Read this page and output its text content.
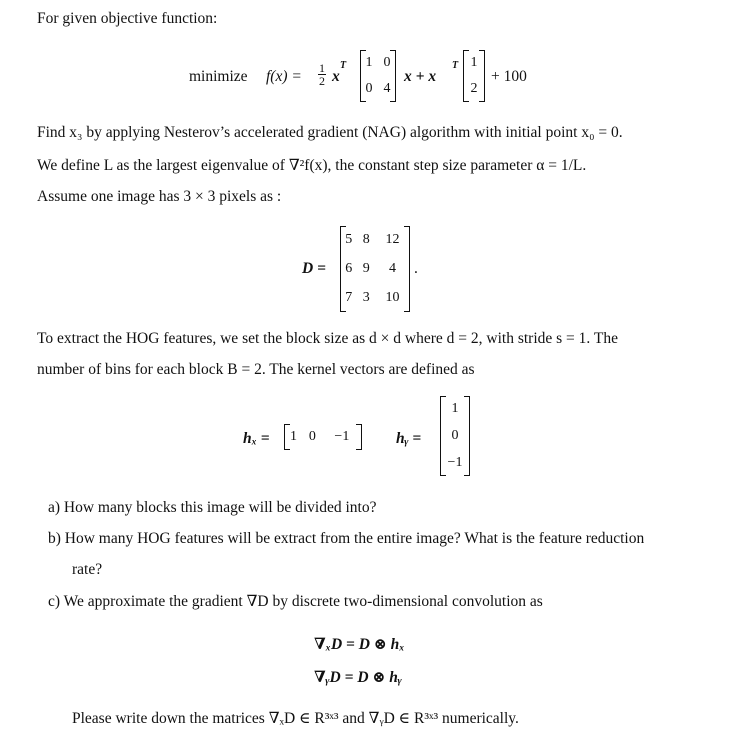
For given objective function:
minimize $f(x) = \frac{1}{2}$ x
T 1	0
0	4
x + x
T 1
2
+ 100
Find x₃ by applying Nesterov’s accelerated gradient (NAG) algorithm with initial point x₀ = 0.
We define L as the largest eigenvalue of ∇²f(x), the constant step size parameter α = 1/L.
Assume one image has 3 × 3 pixels as :
D =
5	8	12
6	9	4
7	3	10
.
To extract the HOG features, we set the block size as d × d where d = 2, with stride s = 1. The
number of bins for each block B = 2. The kernel vectors are defined as
hₓ = 1	0	−1	hᵧ =
1
0
−1
a) How many blocks this image will be divided into?
b) How many HOG features will be extract from the entire image? What is the feature reduction
rate?
c) We approximate the gradient ∇D by discrete two-dimensional convolution as
∇ₓD = D ⊗ hₓ
∇ᵧD = D ⊗ hᵧ
Please write down the matrices ∇ₓD ∈ R³ˣ³ and ∇ᵧD ∈ R³ˣ³ numerically.
